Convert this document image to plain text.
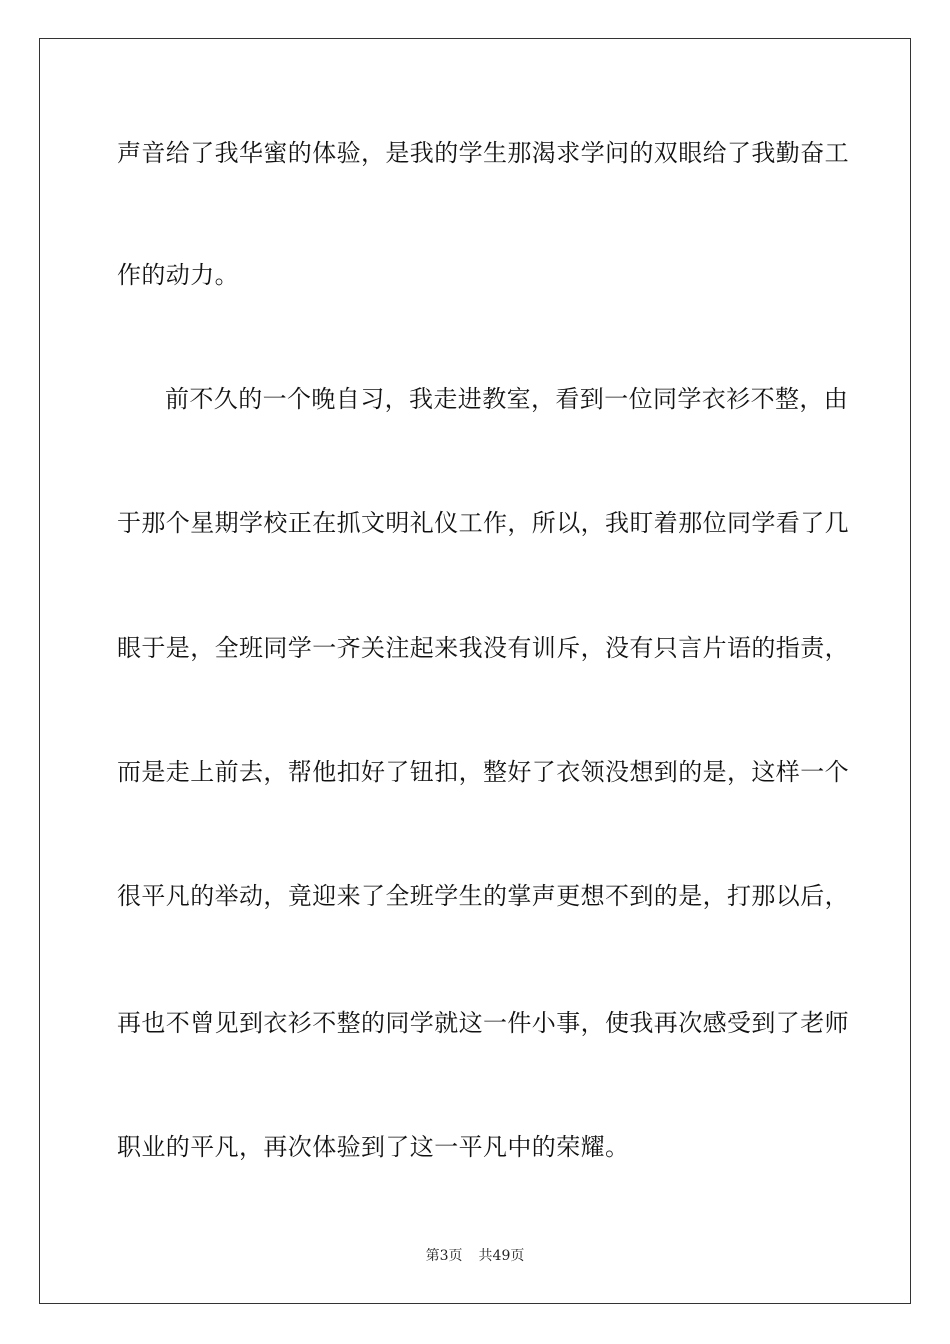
声音给了我华蜜的体验，是我的学生那渴求学问的双眼给了我勤奋工
作的动力。
前不久的一个晚自习，我走进教室，看到一位同学衣衫不整，由
于那个星期学校正在抓文明礼仪工作，所以，我盯着那位同学看了几
眼于是，全班同学一齐关注起来我没有训斥，没有只言片语的指责，
而是走上前去，帮他扣好了钮扣，整好了衣领没想到的是，这样一个
很平凡的举动，竟迎来了全班学生的掌声更想不到的是，打那以后，
再也不曾见到衣衫不整的同学就这一件小事，使我再次感受到了老师
职业的平凡，再次体验到了这一平凡中的荣耀。
第3页 共49页
